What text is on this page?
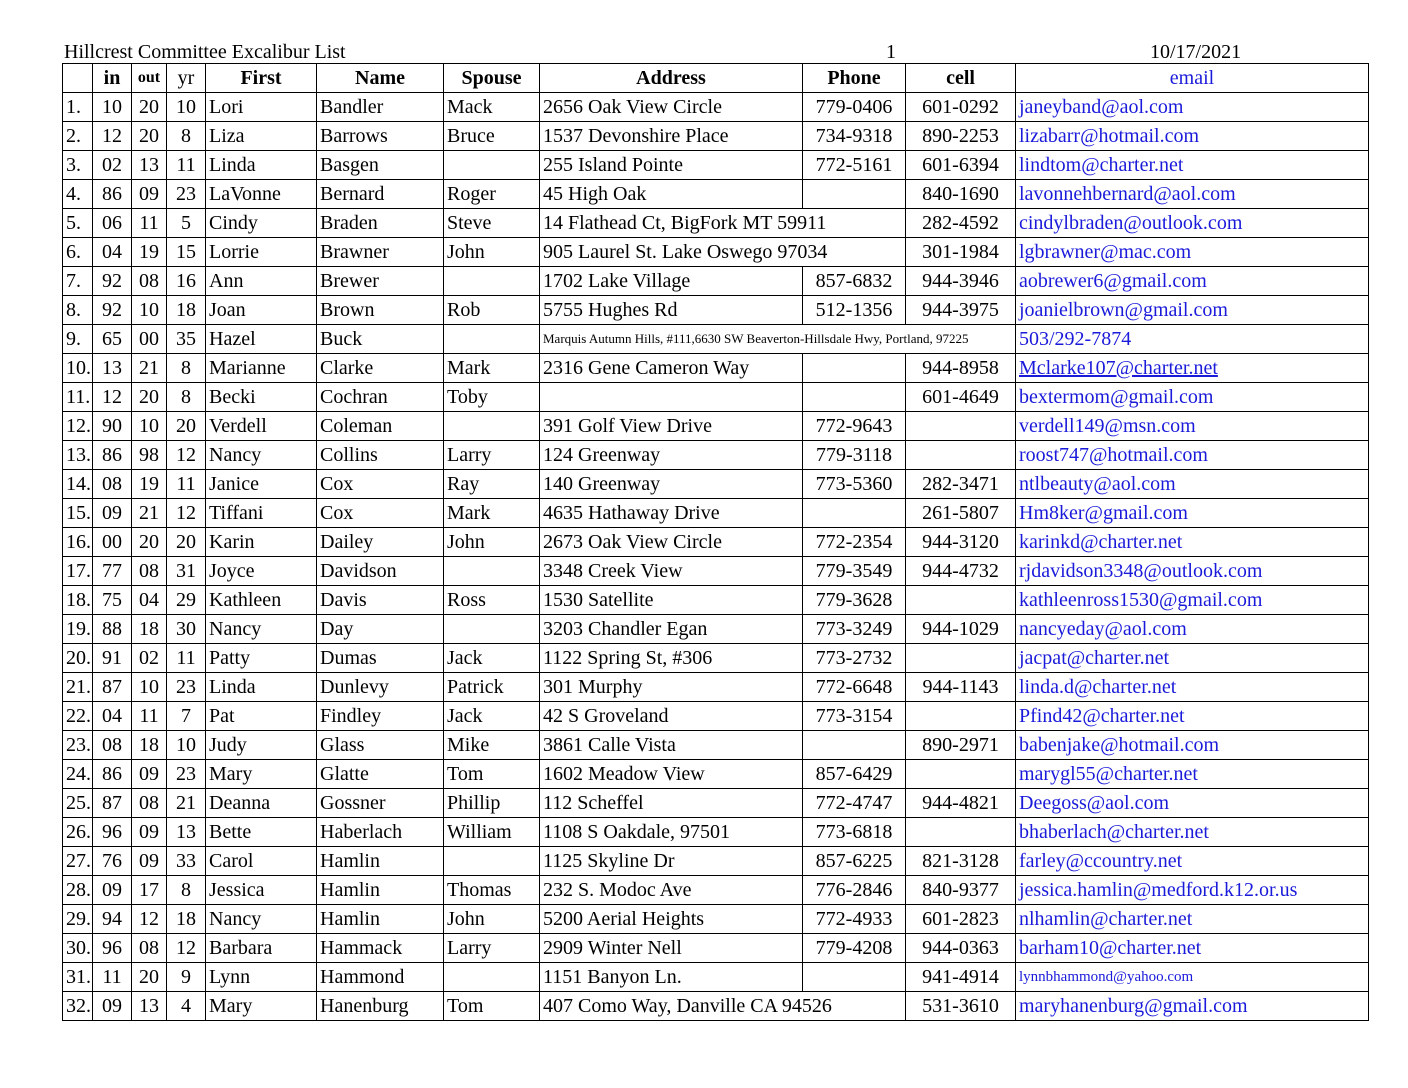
Hillcrest Committee Excalibur List	1	10/17/2021
	in	out	yr	First	Name	Spouse	Address	Phone	cell	email
1.	10	20	10	Lori	Bandler	Mack	2656 Oak View Circle	779-0406	601-0292	janeyband@aol.com
2.	12	20	8	Liza	Barrows	Bruce	1537 Devonshire Place	734-9318	890-2253	lizabarr@hotmail.com
3.	02	13	11	Linda	Basgen		255 Island Pointe	772-5161	601-6394	lindtom@charter.net
4.	86	09	23	LaVonne	Bernard	Roger	45 High Oak		840-1690	lavonnehbernard@aol.com
5.	06	11	5	Cindy	Braden	Steve	14 Flathead Ct, BigFork MT 59911		282-4592	cindylbraden@outlook.com
6.	04	19	15	Lorrie	Brawner	John	905 Laurel St. Lake Oswego 97034		301-1984	lgbrawner@mac.com
7.	92	08	16	Ann	Brewer		1702 Lake Village	857-6832	944-3946	aobrewer6@gmail.com
8.	92	10	18	Joan	Brown	Rob	5755 Hughes Rd	512-1356	944-3975	joanielbrown@gmail.com
9.	65	00	35	Hazel	Buck		Marquis Autumn Hills, #111,6630 SW Beaverton-Hillsdale Hwy, Portland, 97225			503/292-7874
10.	13	21	8	Marianne	Clarke	Mark	2316 Gene Cameron Way		944-8958	Mclarke107@charter.net
11.	12	20	8	Becki	Cochran	Toby			601-4649	bextermom@gmail.com
12.	90	10	20	Verdell	Coleman		391 Golf View Drive	772-9643		verdell149@msn.com
13.	86	98	12	Nancy	Collins	Larry	124 Greenway	779-3118		roost747@hotmail.com
14.	08	19	11	Janice	Cox	Ray	140 Greenway	773-5360	282-3471	ntlbeauty@aol.com
15.	09	21	12	Tiffani	Cox	Mark	4635 Hathaway Drive		261-5807	Hm8ker@gmail.com
16.	00	20	20	Karin	Dailey	John	2673 Oak View Circle	772-2354	944-3120	karinkd@charter.net
17.	77	08	31	Joyce	Davidson		3348 Creek View	779-3549	944-4732	rjdavidson3348@outlook.com
18.	75	04	29	Kathleen	Davis	Ross	1530 Satellite	779-3628		kathleenross1530@gmail.com
19.	88	18	30	Nancy	Day		3203 Chandler Egan	773-3249	944-1029	nancyeday@aol.com
20.	91	02	11	Patty	Dumas	Jack	1122 Spring St, #306	773-2732		jacpat@charter.net
21.	87	10	23	Linda	Dunlevy	Patrick	301 Murphy	772-6648	944-1143	linda.d@charter.net
22.	04	11	7	Pat	Findley	Jack	42 S Groveland	773-3154		Pfind42@charter.net
23.	08	18	10	Judy	Glass	Mike	3861 Calle Vista		890-2971	babenjake@hotmail.com
24.	86	09	23	Mary	Glatte	Tom	1602 Meadow View	857-6429		marygl55@charter.net
25.	87	08	21	Deanna	Gossner	Phillip	112 Scheffel	772-4747	944-4821	Deegoss@aol.com
26.	96	09	13	Bette	Haberlach	William	1108 S Oakdale, 97501	773-6818		bhaberlach@charter.net
27.	76	09	33	Carol	Hamlin		1125 Skyline Dr	857-6225	821-3128	farley@ccountry.net
28.	09	17	8	Jessica	Hamlin	Thomas	232 S. Modoc Ave	776-2846	840-9377	jessica.hamlin@medford.k12.or.us
29.	94	12	18	Nancy	Hamlin	John	5200 Aerial Heights	772-4933	601-2823	nlhamlin@charter.net
30.	96	08	12	Barbara	Hammack	Larry	2909 Winter Nell	779-4208	944-0363	barham10@charter.net
31.	11	20	9	Lynn	Hammond		1151 Banyon Ln.		941-4914	lynnbhammond@yahoo.com
32.	09	13	4	Mary	Hanenburg	Tom	407 Como Way, Danville CA 94526		531-3610	maryhanenburg@gmail.com
